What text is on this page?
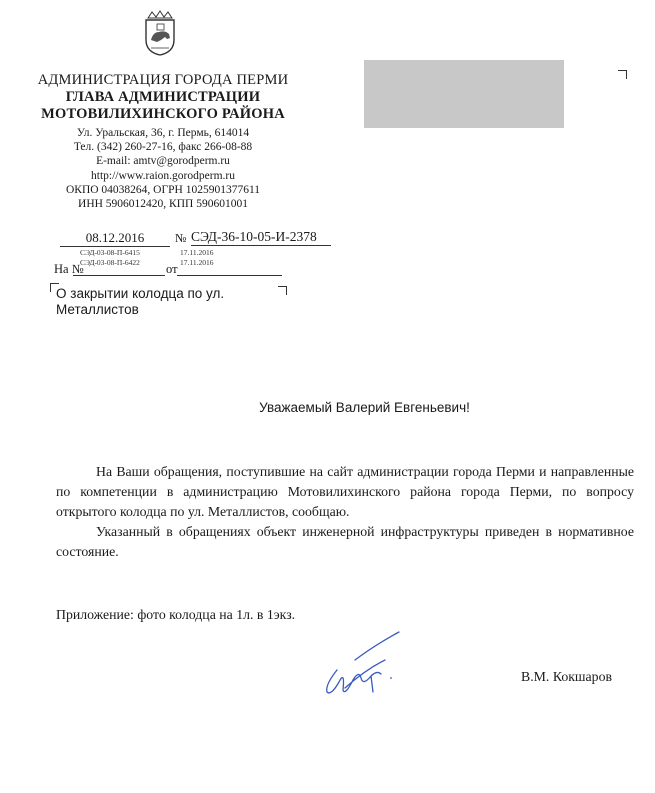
АДМИНИСТРАЦИЯ ГОРОДА ПЕРМИ
ГЛАВА АДМИНИСТРАЦИИ
МОТОВИЛИХИНСКОГО РАЙОНА
Ул. Уральская, 36, г. Пермь, 614014
Тел. (342) 260-27-16, факс 266-08-88
E-mail: amtv@gorodperm.ru
http://www.raion.gorodperm.ru
ОКПО 04038264, ОГРН 1025901377611
ИНН 5906012420, КПП 590601001
08.12.2016	№ СЭД-36-10-05-И-2378
СЭД-03-08-П-6415	17.11.2016
СЭД-03-08-П-6422	17.11.2016
На №	от
О закрытии колодца по ул.
Металлистов
Уважаемый Валерий Евгеньевич!

На Ваши обращения, поступившие на сайт администрации города Перми и направленные по компетенции в администрацию Мотовилихинского района города Перми, по вопросу открытого колодца по ул. Металлистов, сообщаю.

Указанный в обращениях объект инженерной инфраструктуры приведен в нормативное состояние.

Приложение: фото колодца на 1л. в 1экз.
В.М. Кокшаров
